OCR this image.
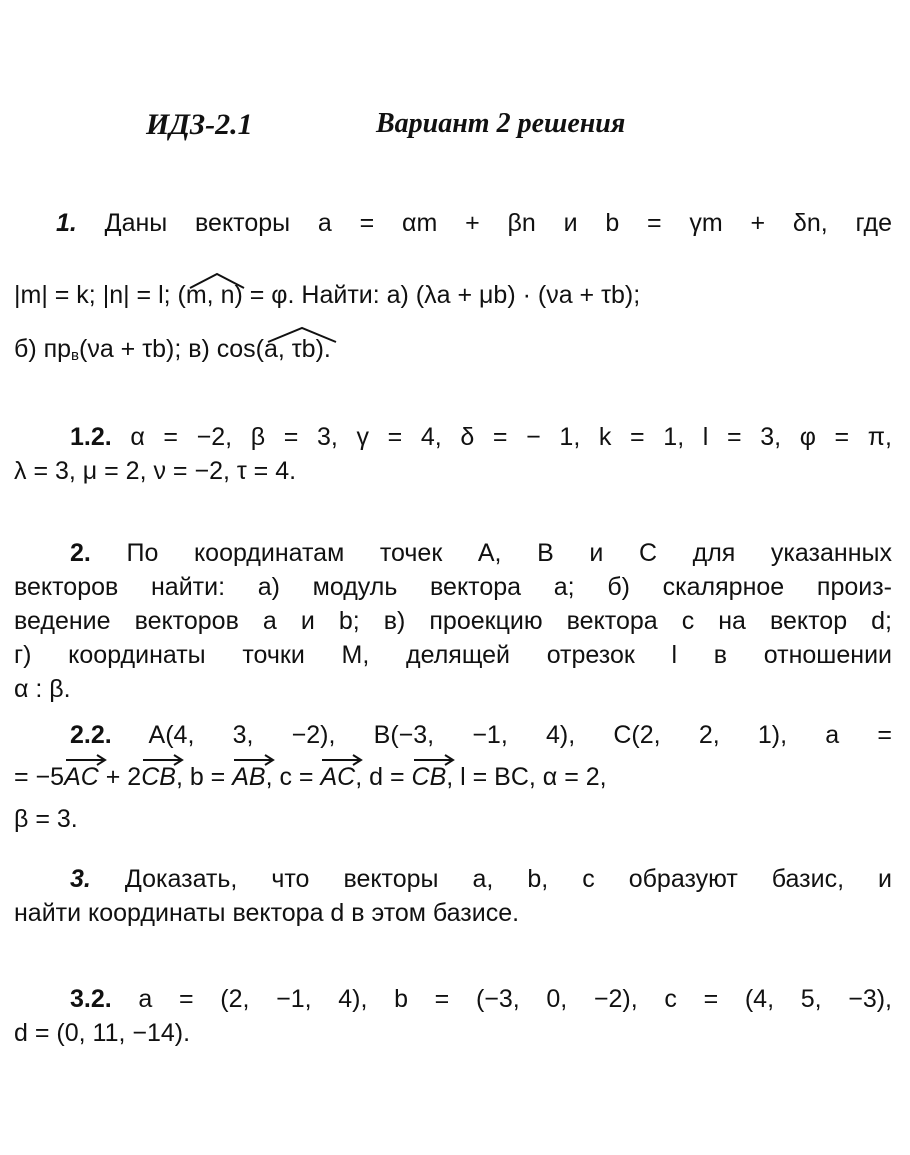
ИДЗ-2.1	Вариант 2 решения
1. Даны векторы a = αm + βn и b = γm + δn, где
|m| = k; |n| = l; (
m, n) = φ. Найти: а) (λa + μb) · (νa + τb);
б) $пр_в(\nu a + \tau b)$; в) cos(
a, τb).
1.2. α = −2, β = 3, γ = 4, δ = − 1, k = 1, l = 3, φ = π,
λ = 3, μ = 2, ν = −2, τ = 4.
2. По координатам точек A, B и C для указанных
векторов найти: а) модуль вектора a; б) скалярное произ-
ведение векторов a и b; в) проекцию вектора c на вектор d;
г) координаты точки M, делящей отрезок l в отношении
α : β.
2.2. A(4, 3, −2), B(−3, −1, 4), C(2, 2, 1), a =
= −5
AC + 2
CB, b =
AB, c =
AC, d =
CB, l = BC, α = 2,
β = 3.
3. Доказать, что векторы a, b, c образуют базис, и
найти координаты вектора d в этом базисе.
3.2. a = (2, −1, 4), b = (−3, 0, −2), c = (4, 5, −3),
d = (0, 11, −14).
